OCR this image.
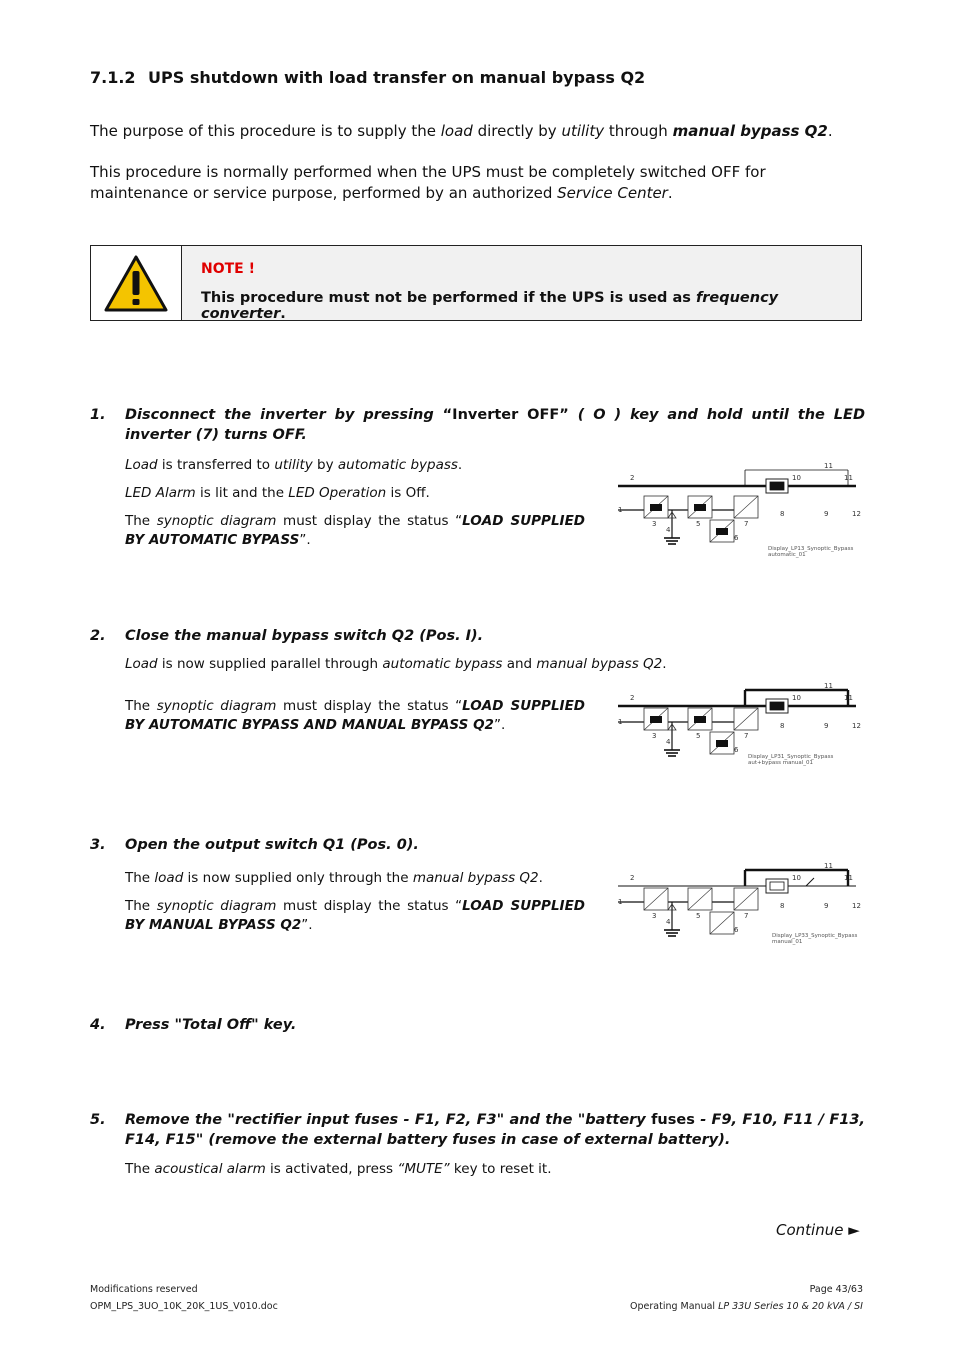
7.1.2 UPS shutdown with load transfer on manual bypass Q2
The purpose of this procedure is to supply the load directly by utility through manual bypass Q2.
This procedure is normally performed when the UPS must be completely switched OFF for maintenance or service purpose, performed by an authorized Service Center.
NOTE !
This procedure must not be performed if the UPS is used as frequency converter.
1.	Disconnect the inverter by pressing “Inverter OFF” ( O ) key and hold until the LED inverter (7) turns OFF.
Load is transferred to utility by automatic bypass.
LED Alarm is lit and the LED Operation is Off.
The synoptic diagram must display the status “LOAD SUPPLIED BY AUTOMATIC BYPASS”.
1
2
3
4
5
6
7
8	9
10
11
11
12
Display_LP13_Synoptic_Bypass automatic_01
2.	Close the manual bypass switch Q2 (Pos. I).
Load is now supplied parallel through automatic bypass and manual bypass Q2.
The synoptic diagram must display the status “LOAD SUPPLIED BY AUTOMATIC BYPASS AND MANUAL BYPASS Q2”.	1
2
3
4
5
6
7
8	9
10
11
11
12
Display_LP31_Synoptic_Bypass aut+bypass manual_01
3.	Open the output switch Q1 (Pos. 0).
The load is now supplied only through the manual bypass Q2.
The synoptic diagram must display the status “LOAD SUPPLIED BY MANUAL BYPASS Q2”.
1
2
3
4
5
6
7
8	9
10
11
11
12
Display_LP33_Synoptic_Bypass manual_01
4.	Press "Total Off" key.
5.	Remove the "rectifier input fuses - F1, F2, F3" and the "battery fuses - F9, F10, F11 / F13, F14, F15" (remove the external battery fuses in case of external battery).
The acoustical alarm is activated, press “MUTE” key to reset it.
Continue ►
Modifications reserved
OPM_LPS_3UO_10K_20K_1US_V010.doc
Page 43/63
Operating Manual LP 33U Series 10 & 20 kVA / SI
